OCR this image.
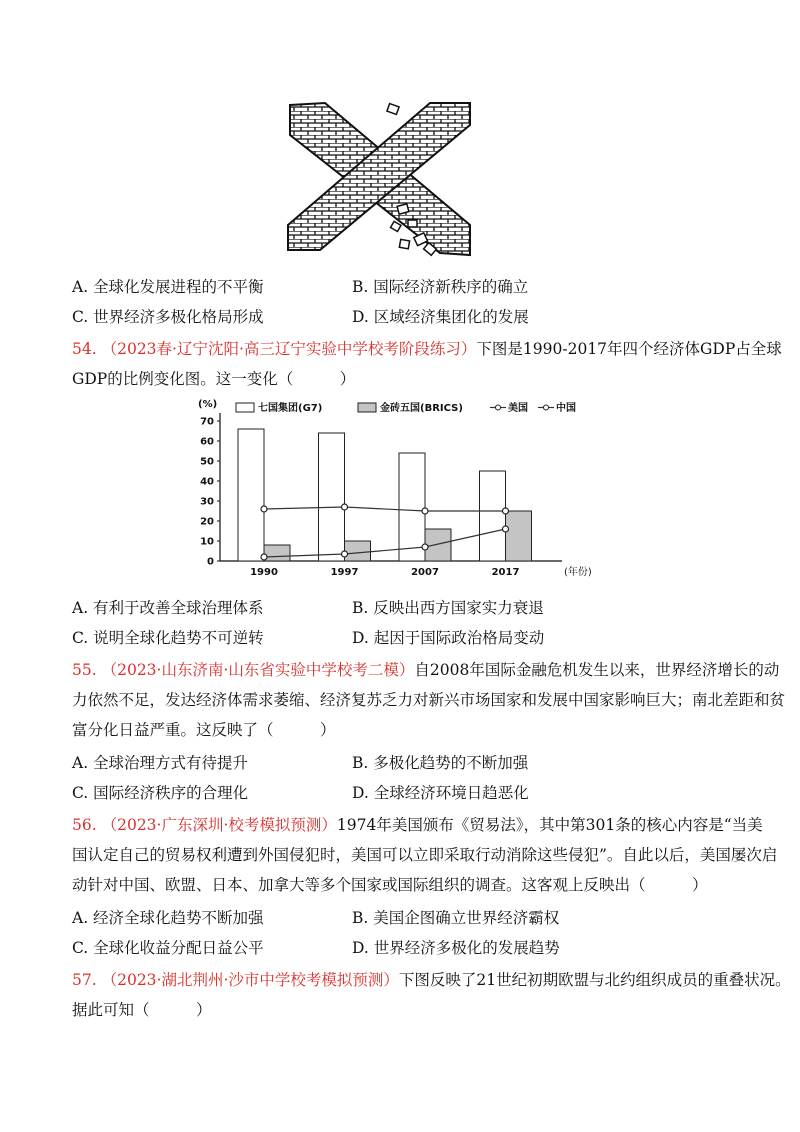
A. 全球化发展进程的不平衡	B. 国际经济新秩序的确立
C. 世界经济多极化格局形成	D. 区域经济集团化的发展
54. （2023春·辽宁沈阳·高三辽宁实验中学校考阶段练习）下图是1990-2017年四个经济体GDP占全球
GDP的比例变化图。这一变化（　　　）
(%)
0
10
20
30
40
50
60
70
1990	1997	2007	2017	(年份)
七国集团(G7)	金砖五国(BRICS)	美国	中国
A. 有利于改善全球治理体系	B. 反映出西方国家实力衰退
C. 说明全球化趋势不可逆转	D. 起因于国际政治格局变动
55. （2023·山东济南·山东省实验中学校考二模）自2008年国际金融危机发生以来，世界经济增长的动
力依然不足，发达经济体需求萎缩、经济复苏乏力对新兴市场国家和发展中国家影响巨大；南北差距和贫
富分化日益严重。这反映了（　　　）
A. 全球治理方式有待提升	B. 多极化趋势的不断加强
C. 国际经济秩序的合理化	D. 全球经济环境日趋恶化
56. （2023·广东深圳·校考模拟预测）1974年美国颁布《贸易法》，其中第301条的核心内容是“当美
国认定自己的贸易权利遭到外国侵犯时，美国可以立即采取行动消除这些侵犯”。自此以后，美国屡次启
动针对中国、欧盟、日本、加拿大等多个国家或国际组织的调查。这客观上反映出（　　　）
A. 经济全球化趋势不断加强	B. 美国企图确立世界经济霸权
C. 全球化收益分配日益公平	D. 世界经济多极化的发展趋势
57. （2023·湖北荆州·沙市中学校考模拟预测）下图反映了21世纪初期欧盟与北约组织成员的重叠状况。
据此可知（　　　）
